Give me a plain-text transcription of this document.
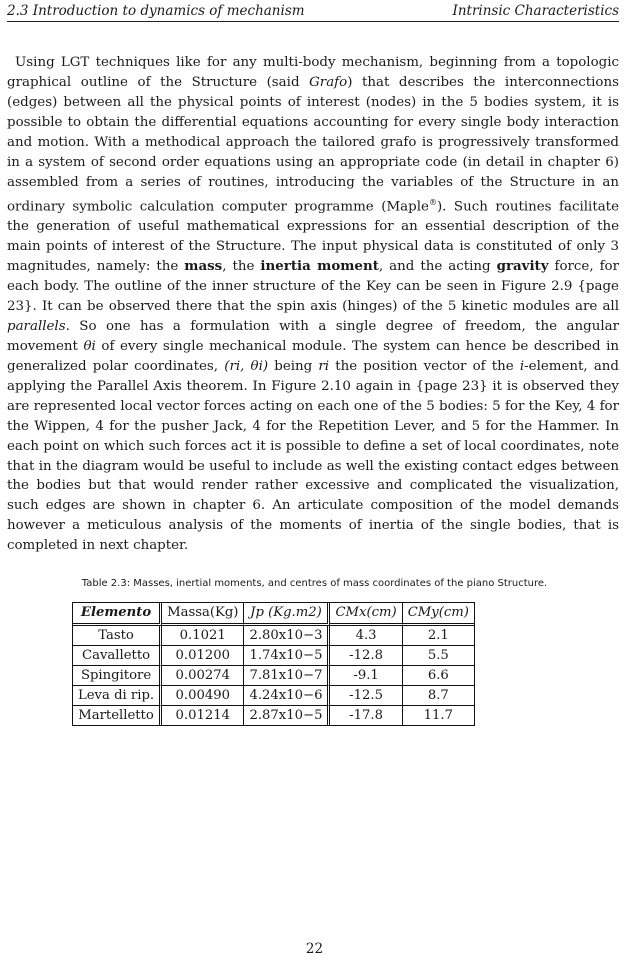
2.3 Introduction to dynamics of mechanism	Intrinsic Characteristics

Using LGT techniques like for any multi-body mechanism, beginning from a topologic graphical outline of the Structure (said Grafo) that describes the interconnections (edges) between all the physical points of interest (nodes) in the 5 bodies system, it is possible to obtain the differential equations accounting for every single body interaction and motion. With a methodical approach the tailored grafo is progressively transformed in a system of second order equations using an appropriate code (in detail in chapter 6) assembled from a series of routines, introducing the variables of the Structure in an ordinary symbolic calculation computer programme (Maple®). Such routines facilitate the generation of useful mathematical expressions for an essential description of the main points of interest of the Structure. The input physical data is constituted of only 3 magnitudes, namely: the mass, the inertia moment, and the acting gravity force, for each body. The outline of the inner structure of the Key can be seen in Figure 2.9 {page 23}. It can be observed there that the spin axis (hinges) of the 5 kinetic modules are all parallels. So one has a formulation with a single degree of freedom, the angular movement θi of every single mechanical module. The system can hence be described in generalized polar coordinates, (ri, θi) being ri the position vector of the i-element, and applying the Parallel Axis theorem. In Figure 2.10 again in {page 23} it is observed they are represented local vector forces acting on each one of the 5 bodies: 5 for the Key, 4 for the Wippen, 4 for the pusher Jack, 4 for the Repetition Lever, and 5 for the Hammer. In each point on which such forces act it is possible to define a set of local coordinates, note that in the diagram would be useful to include as well the existing contact edges between the bodies but that would render rather excessive and complicated the visualization, such edges are shown in chapter 6. An articulate composition of the model demands however a meticulous analysis of the moments of inertia of the single bodies, that is completed in next chapter.

Table 2.3: Masses, inertial moments, and centres of mass coordinates of the piano Structure.
Elemento	Massa(Kg)	Jp (Kg.m2)	CMx(cm)	CMy(cm)
Tasto	0.1021	2.80x10−3	4.3	2.1
Cavalletto	0.01200	1.74x10−5	-12.8	5.5
Spingitore	0.00274	7.81x10−7	-9.1	6.6
Leva di rip.	0.00490	4.24x10−6	-12.5	8.7
Martelletto	0.01214	2.87x10−5	-17.8	11.7
22
